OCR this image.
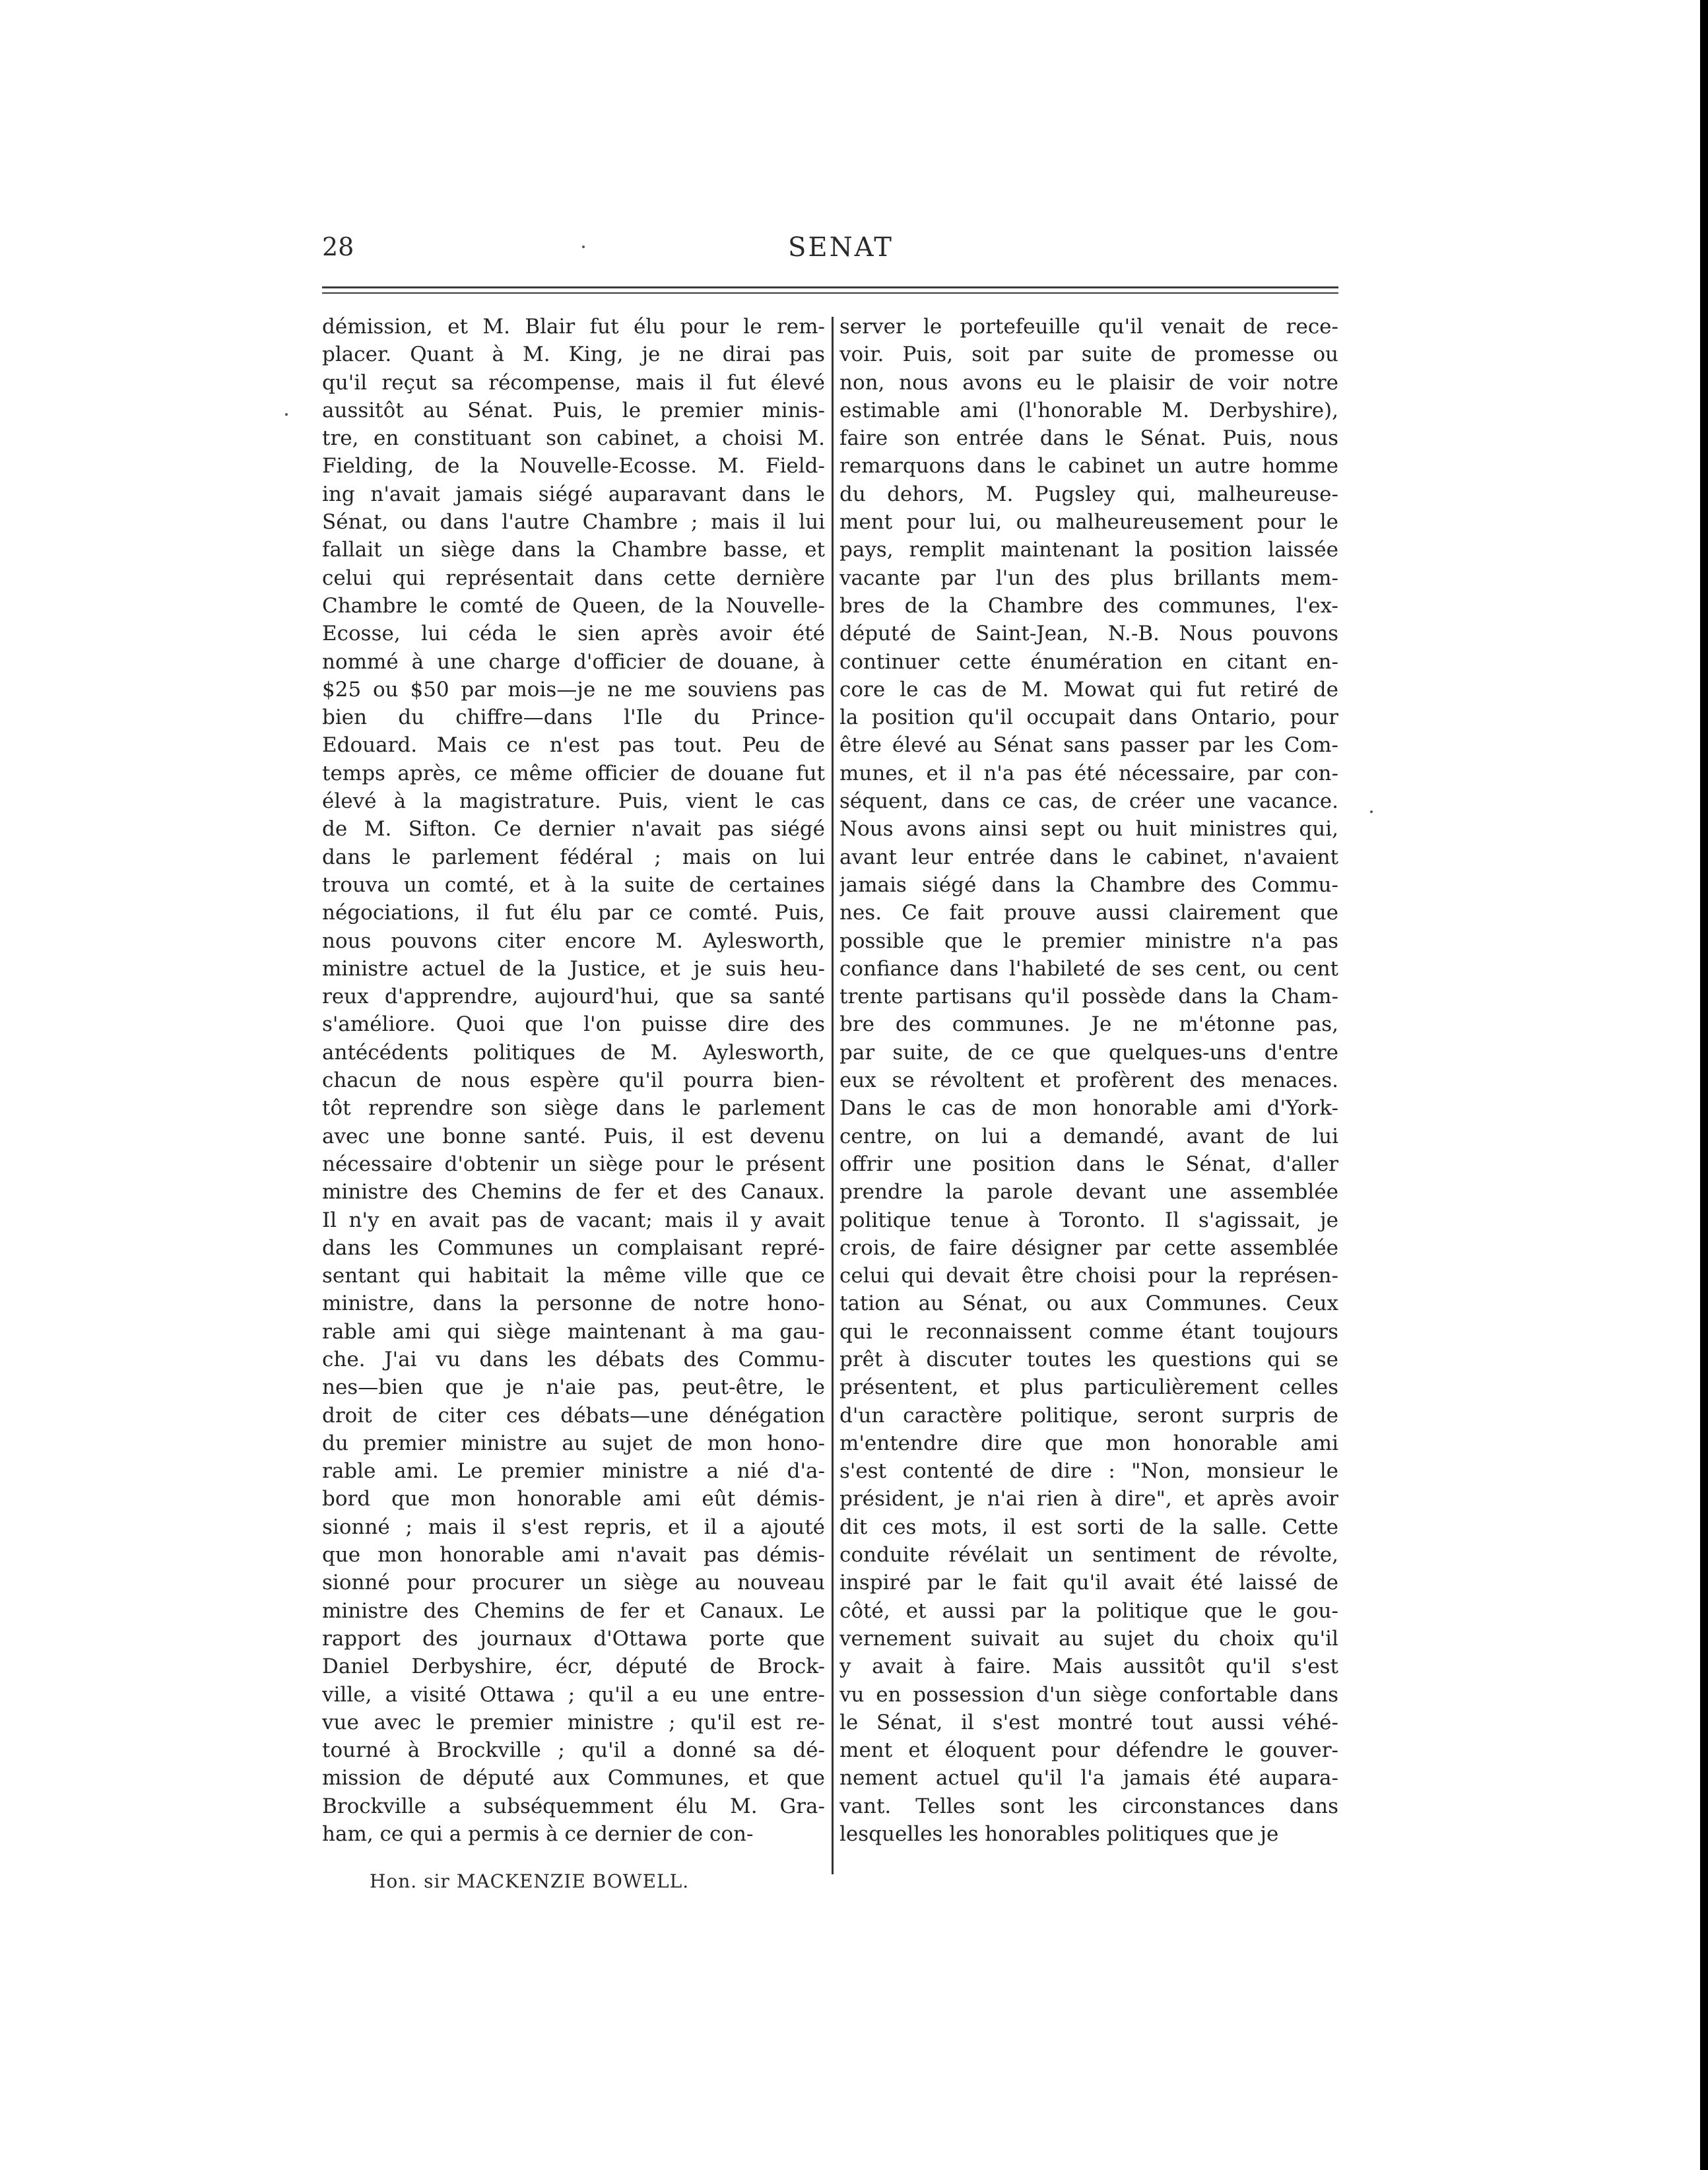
28	SENAT
démission, et M. Blair fut élu pour le rem-
placer. Quant à M. King, je ne dirai pas
qu'il reçut sa récompense, mais il fut élevé
aussitôt au Sénat. Puis, le premier minis-
tre, en constituant son cabinet, a choisi M.
Fielding, de la Nouvelle-Ecosse. M. Field-
ing n'avait jamais siégé auparavant dans le
Sénat, ou dans l'autre Chambre ; mais il lui
fallait un siège dans la Chambre basse, et
celui qui représentait dans cette dernière
Chambre le comté de Queen, de la Nouvelle-
Ecosse, lui céda le sien après avoir été
nommé à une charge d'officier de douane, à
$25 ou $50 par mois—je ne me souviens pas
bien du chiffre—dans l'Ile du Prince-
Edouard. Mais ce n'est pas tout. Peu de
temps après, ce même officier de douane fut
élevé à la magistrature. Puis, vient le cas
de M. Sifton. Ce dernier n'avait pas siégé
dans le parlement fédéral ; mais on lui
trouva un comté, et à la suite de certaines
négociations, il fut élu par ce comté. Puis,
nous pouvons citer encore M. Aylesworth,
ministre actuel de la Justice, et je suis heu-
reux d'apprendre, aujourd'hui, que sa santé
s'améliore. Quoi que l'on puisse dire des
antécédents politiques de M. Aylesworth,
chacun de nous espère qu'il pourra bien-
tôt reprendre son siège dans le parlement
avec une bonne santé. Puis, il est devenu
nécessaire d'obtenir un siège pour le présent
ministre des Chemins de fer et des Canaux.
Il n'y en avait pas de vacant; mais il y avait
dans les Communes un complaisant repré-
sentant qui habitait la même ville que ce
ministre, dans la personne de notre hono-
rable ami qui siège maintenant à ma gau-
che. J'ai vu dans les débats des Commu-
nes—bien que je n'aie pas, peut-être, le
droit de citer ces débats—une dénégation
du premier ministre au sujet de mon hono-
rable ami. Le premier ministre a nié d'a-
bord que mon honorable ami eût démis-
sionné ; mais il s'est repris, et il a ajouté
que mon honorable ami n'avait pas démis-
sionné pour procurer un siège au nouveau
ministre des Chemins de fer et Canaux. Le
rapport des journaux d'Ottawa porte que
Daniel Derbyshire, écr, député de Brock-
ville, a visité Ottawa ; qu'il a eu une entre-
vue avec le premier ministre ; qu'il est re-
tourné à Brockville ; qu'il a donné sa dé-
mission de député aux Communes, et que
Brockville a subséquemment élu M. Gra-
ham, ce qui a permis à ce dernier de con-
server le portefeuille qu'il venait de rece-
voir. Puis, soit par suite de promesse ou
non, nous avons eu le plaisir de voir notre
estimable ami (l'honorable M. Derbyshire),
faire son entrée dans le Sénat. Puis, nous
remarquons dans le cabinet un autre homme
du dehors, M. Pugsley qui, malheureuse-
ment pour lui, ou malheureusement pour le
pays, remplit maintenant la position laissée
vacante par l'un des plus brillants mem-
bres de la Chambre des communes, l'ex-
député de Saint-Jean, N.-B. Nous pouvons
continuer cette énumération en citant en-
core le cas de M. Mowat qui fut retiré de
la position qu'il occupait dans Ontario, pour
être élevé au Sénat sans passer par les Com-
munes, et il n'a pas été nécessaire, par con-
séquent, dans ce cas, de créer une vacance.
Nous avons ainsi sept ou huit ministres qui,
avant leur entrée dans le cabinet, n'avaient
jamais siégé dans la Chambre des Commu-
nes. Ce fait prouve aussi clairement que
possible que le premier ministre n'a pas
confiance dans l'habileté de ses cent, ou cent
trente partisans qu'il possède dans la Cham-
bre des communes. Je ne m'étonne pas,
par suite, de ce que quelques-uns d'entre
eux se révoltent et profèrent des menaces.
Dans le cas de mon honorable ami d'York-
centre, on lui a demandé, avant de lui
offrir une position dans le Sénat, d'aller
prendre la parole devant une assemblée
politique tenue à Toronto. Il s'agissait, je
crois, de faire désigner par cette assemblée
celui qui devait être choisi pour la représen-
tation au Sénat, ou aux Communes. Ceux
qui le reconnaissent comme étant toujours
prêt à discuter toutes les questions qui se
présentent, et plus particulièrement celles
d'un caractère politique, seront surpris de
m'entendre dire que mon honorable ami
s'est contenté de dire : "Non, monsieur le
président, je n'ai rien à dire", et après avoir
dit ces mots, il est sorti de la salle. Cette
conduite révélait un sentiment de révolte,
inspiré par le fait qu'il avait été laissé de
côté, et aussi par la politique que le gou-
vernement suivait au sujet du choix qu'il
y avait à faire. Mais aussitôt qu'il s'est
vu en possession d'un siège confortable dans
le Sénat, il s'est montré tout aussi véhé-
ment et éloquent pour défendre le gouver-
nement actuel qu'il l'a jamais été aupara-
vant. Telles sont les circonstances dans
lesquelles les honorables politiques que je
Hon. sir MACKENZIE BOWELL.
